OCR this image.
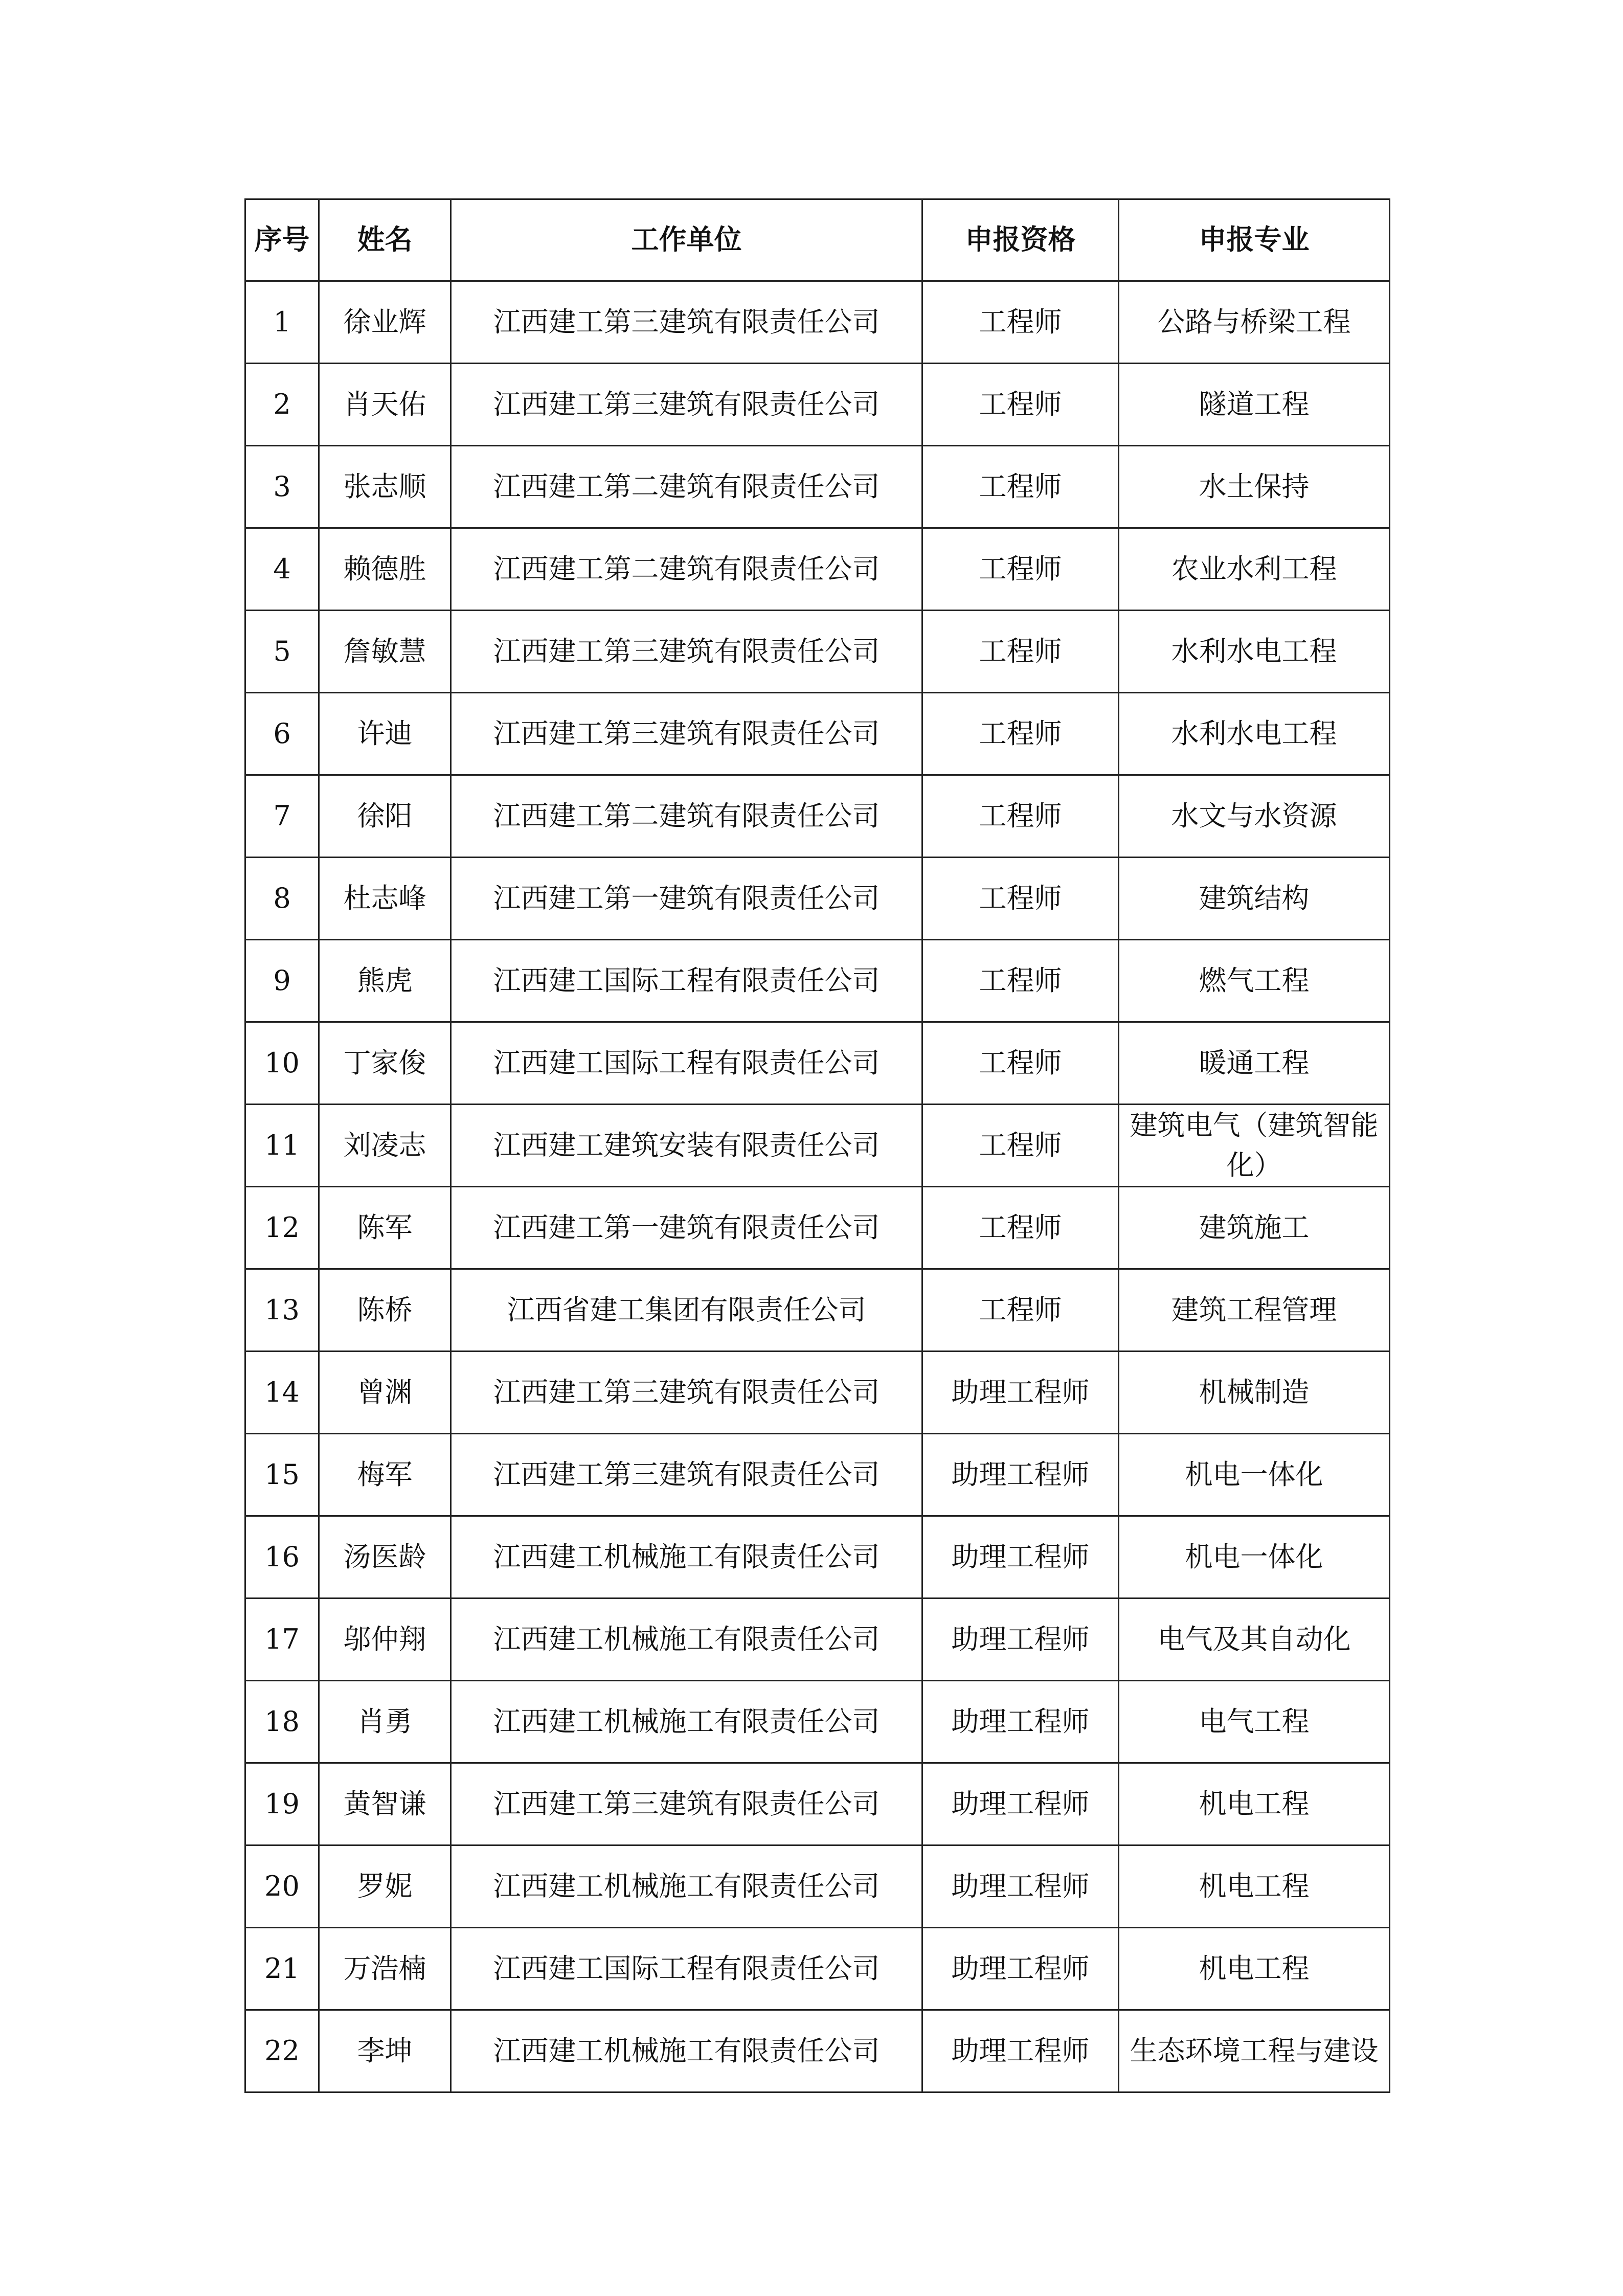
序号	姓名	工作单位	申报资格	申报专业
1	徐业辉	江西建工第三建筑有限责任公司	工程师	公路与桥梁工程
2	肖天佑	江西建工第三建筑有限责任公司	工程师	隧道工程
3	张志顺	江西建工第二建筑有限责任公司	工程师	水土保持
4	赖德胜	江西建工第二建筑有限责任公司	工程师	农业水利工程
5	詹敏慧	江西建工第三建筑有限责任公司	工程师	水利水电工程
6	许迪	江西建工第三建筑有限责任公司	工程师	水利水电工程
7	徐阳	江西建工第二建筑有限责任公司	工程师	水文与水资源
8	杜志峰	江西建工第一建筑有限责任公司	工程师	建筑结构
9	熊虎	江西建工国际工程有限责任公司	工程师	燃气工程
10	丁家俊	江西建工国际工程有限责任公司	工程师	暖通工程
11	刘凌志	江西建工建筑安装有限责任公司	工程师	建筑电气（建筑智能化）
12	陈军	江西建工第一建筑有限责任公司	工程师	建筑施工
13	陈桥	江西省建工集团有限责任公司	工程师	建筑工程管理
14	曾渊	江西建工第三建筑有限责任公司	助理工程师	机械制造
15	梅军	江西建工第三建筑有限责任公司	助理工程师	机电一体化
16	汤医龄	江西建工机械施工有限责任公司	助理工程师	机电一体化
17	邬仲翔	江西建工机械施工有限责任公司	助理工程师	电气及其自动化
18	肖勇	江西建工机械施工有限责任公司	助理工程师	电气工程
19	黄智谦	江西建工第三建筑有限责任公司	助理工程师	机电工程
20	罗妮	江西建工机械施工有限责任公司	助理工程师	机电工程
21	万浩楠	江西建工国际工程有限责任公司	助理工程师	机电工程
22	李坤	江西建工机械施工有限责任公司	助理工程师	生态环境工程与建设
